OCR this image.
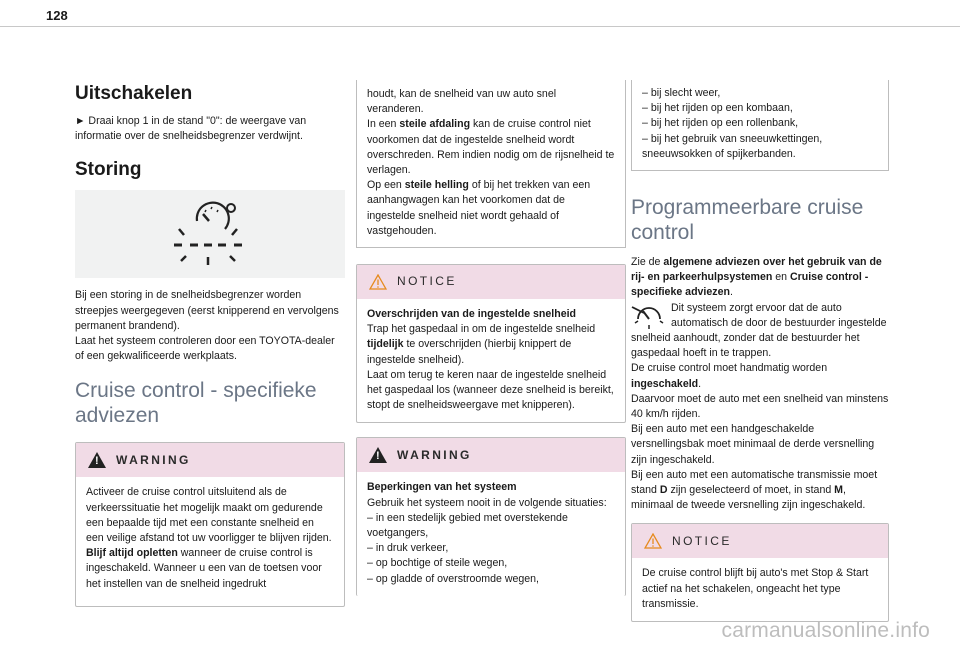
128
Uitschakelen

► Draai knop 1 in de stand "0": de weergave van informatie over de snelheidsbegrenzer verdwijnt.

Storing

Bij een storing in de snelheidsbegrenzer worden streepjes weergegeven (eerst knipperend en vervolgens permanent brandend).

Laat het systeem controleren door een TOYOTA-dealer of een gekwalificeerde werkplaats.

Cruise control - specifieke adviezen
!
WARNING

Activeer de cruise control uitsluitend als de verkeerssituatie het mogelijk maakt om gedurende een bepaalde tijd met een constante snelheid en een veilige afstand tot uw voorligger te blijven rijden.

Blijf altijd opletten wanneer de cruise control is ingeschakeld. Wanneer u een van de toetsen voor het instellen van de snelheid ingedrukt

houdt, kan de snelheid van uw auto snel veranderen.

In een steile afdaling kan de cruise control niet voorkomen dat de ingestelde snelheid wordt overschreden. Rem indien nodig om de rijsnelheid te verlagen.

Op een steile helling of bij het trekken van een aanhangwagen kan het voorkomen dat de ingestelde snelheid niet wordt gehaald of vastgehouden.

NOTICE

Overschrijden van de ingestelde snelheid

Trap het gaspedaal in om de ingestelde snelheid tijdelijk te overschrijden (hierbij knippert de ingestelde snelheid).

Laat om terug te keren naar de ingestelde snelheid het gaspedaal los (wanneer deze snelheid is bereikt, stopt de snelheidsweergave met knipperen).

!
WARNING

Beperkingen van het systeem

Gebruik het systeem nooit in de volgende situaties:

– in een stedelijk gebied met overstekende voetgangers,
– in druk verkeer,
– op bochtige of steile wegen,
– op gladde of overstroomde wegen,
– bij slecht weer,
– bij het rijden op een kombaan,
– bij het rijden op een rollenbank,
– bij het gebruik van sneeuwkettingen,

sneeuwsokken of spijkerbanden.

Programmeerbare cruise control

Zie de algemene adviezen over het gebruik van de rij- en parkeerhulpsystemen en Cruise control - specifieke adviezen.

Dit systeem zorgt ervoor dat de auto automatisch de door de bestuurder ingestelde snelheid aanhoudt, zonder dat de bestuurder het gaspedaal hoeft in te trappen.

De cruise control moet handmatig worden ingeschakeld.

Daarvoor moet de auto met een snelheid van minstens 40 km/h rijden.

Bij een auto met een handgeschakelde versnellingsbak moet minimaal de derde versnelling zijn ingeschakeld.

Bij een auto met een automatische transmissie moet stand D zijn geselecteerd of moet, in stand M, minimaal de tweede versnelling zijn ingeschakeld.

NOTICE

De cruise control blijft bij auto's met Stop & Start actief na het schakelen, ongeacht het type transmissie.

carmanualsonline.info
